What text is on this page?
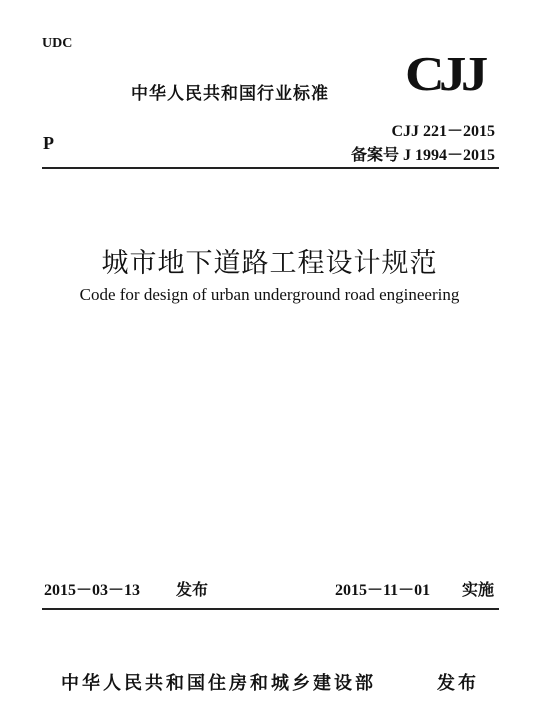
UDC
中华人民共和国行业标准 CJJ
P
CJJ 221－2015
备案号 J 1994－2015
城市地下道路工程设计规范
Code for design of urban underground road engineering
2015－03－13 发布	2015－11－01 实施
中华人民共和国住房和城乡建设部	发布
